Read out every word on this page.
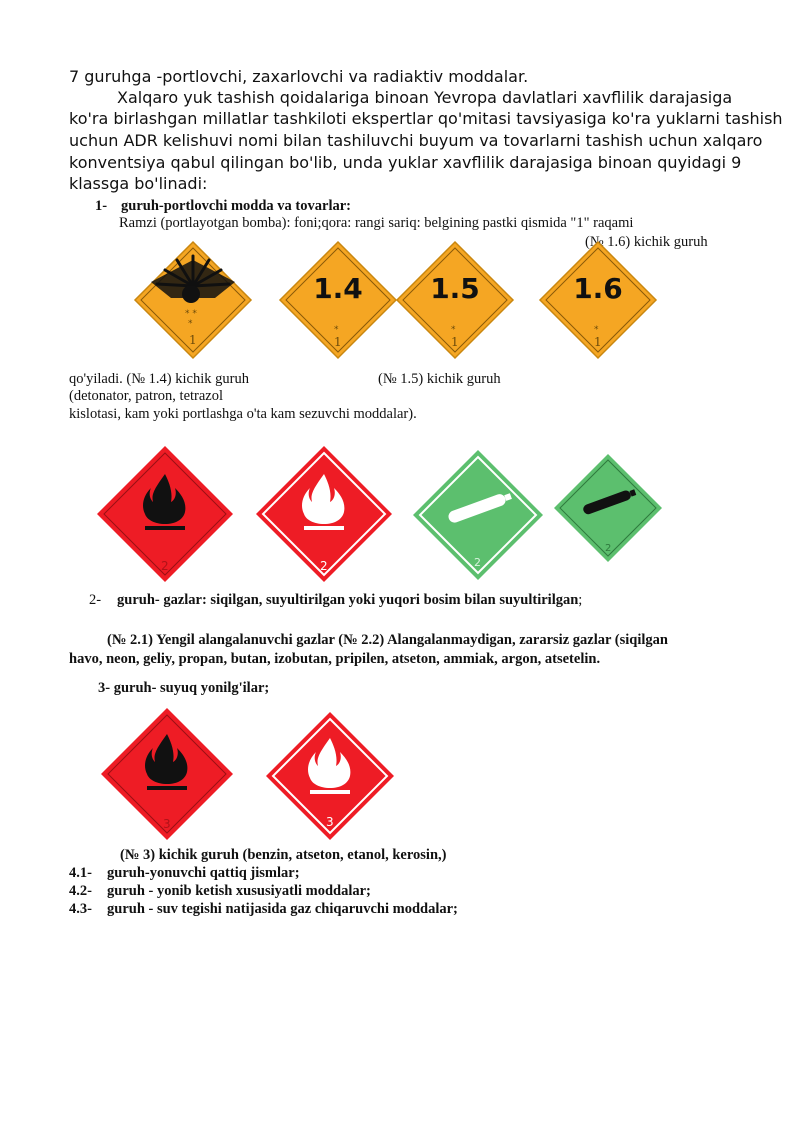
7 guruhga -portlovchi, zaxarlovchi va radiaktiv moddalar.
Xalqaro yuk tashish qoidalariga binoan Yevropa davlatlari xavflilik darajasiga
ko'ra birlashgan millatlar tashkiloti ekspertlar qo'mitasi tavsiyasiga ko'ra yuklarni tashish
uchun ADR kelishuvi nomi bilan tashiluvchi buyum va tovarlarni tashish uchun xalqaro
konventsiya qabul qilingan bo'lib, unda yuklar xavflilik darajasiga binoan quyidagi 9
klassga bo'linadi:
1- guruh-portlovchi modda va tovarlar:
Ramzi (portlayotgan bomba): foni;qora: rangi sariq: belgining pastki qismida "1" raqami
(№ 1.6) kichik guruh
* *
*
1
1.4
*
1
1.5
*
1
1.6
*
1
qo'yiladi. (№ 1.4) kichik guruh	(№ 1.5) kichik guruh
(detonator, patron, tetrazol
kislotasi, kam yoki portlashga o'ta kam sezuvchi moddalar).
2	2	2
2
2- guruh- gazlar: siqilgan, suyultirilgan yoki yuqori bosim bilan suyultirilgan;
(№ 2.1) Yengil alangalanuvchi gazlar (№ 2.2) Alangalanmaydigan, zararsiz gazlar (siqilgan
havo, neon, geliy, propan, butan, izobutan, pripilen, atseton, ammiak, argon, atsetelin.
3- guruh- suyuq yonilg'ilar;
3	3
(№ 3) kichik guruh (benzin, atseton, etanol, kerosin,)
4.1- guruh-yonuvchi qattiq jismlar;
4.2- guruh - yonib ketish xususiyatli moddalar;
4.3- guruh - suv tegishi natijasida gaz chiqaruvchi moddalar;
